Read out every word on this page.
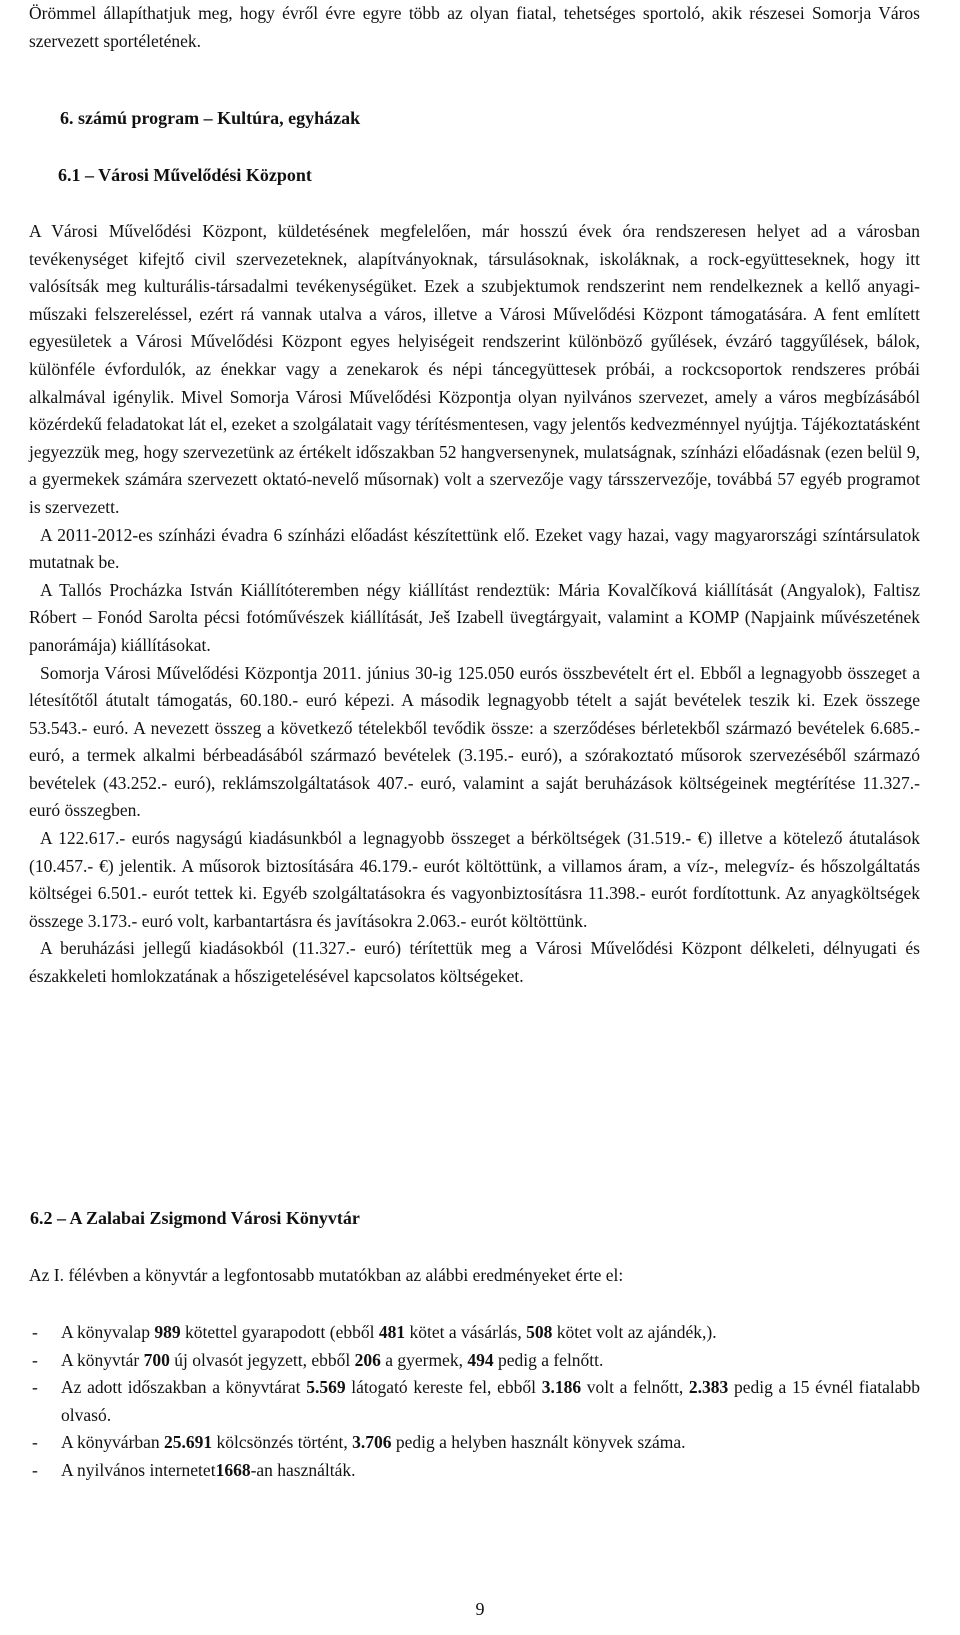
Örömmel állapíthatjuk meg, hogy évről évre egyre több az olyan fiatal, tehetséges sportoló, akik részesei Somorja Város szervezett sportéletének.

6. számú program – Kultúra, egyházak
6.1 – Városi Művelődési Központ

A Városi Művelődési Központ, küldetésének megfelelően, már hosszú évek óra rendszeresen helyet ad a városban tevékenységet kifejtő civil szervezeteknek, alapítványoknak, társulásoknak, iskoláknak, a rock-együtteseknek, hogy itt valósítsák meg kulturális-társadalmi tevékenységüket. Ezek a szubjektumok rendszerint nem rendelkeznek a kellő anyagi-műszaki felszereléssel, ezért rá vannak utalva a város, illetve a Városi Művelődési Központ támogatására. A fent említett egyesületek a Városi Művelődési Központ egyes helyiségeit rendszerint különböző gyűlések, évzáró taggyűlések, bálok, különféle évfordulók, az énekkar vagy a zenekarok és népi táncegyüttesek próbái, a rockcsoportok rendszeres próbái alkalmával igénylik. Mivel Somorja Városi Művelődési Központja olyan nyilvános szervezet, amely a város megbízásából közérdekű feladatokat lát el, ezeket a szolgálatait vagy térítésmentesen, vagy jelentős kedvezménnyel nyújtja. Tájékoztatásként jegyezzük meg, hogy szervezetünk az értékelt időszakban 52 hangversenynek, mulatságnak, színházi előadásnak (ezen belül 9, a gyermekek számára szervezett oktató-nevelő műsornak) volt a szervezője vagy társszervezője, továbbá 57 egyéb programot is szervezett.

A 2011-2012-es színházi évadra 6 színházi előadást készítettünk elő. Ezeket vagy hazai, vagy magyarországi színtársulatok mutatnak be.

A Tallós Procházka István Kiállítóteremben négy kiállítást rendeztük: Mária Kovalčíková kiállítását (Angyalok), Faltisz Róbert – Fonód Sarolta pécsi fotóművészek kiállítását, Ješ Izabell üvegtárgyait, valamint a KOMP (Napjaink művészetének panorámája) kiállításokat.

Somorja Városi Művelődési Központja 2011. június 30-ig 125.050 eurós összbevételt ért el. Ebből a legnagyobb összeget a létesítőtől átutalt támogatás, 60.180.- euró képezi. A második legnagyobb tételt a saját bevételek teszik ki. Ezek összege 53.543.- euró. A nevezett összeg a következő tételekből tevődik össze: a szerződéses bérletekből származó bevételek 6.685.- euró, a termek alkalmi bérbeadásából származó bevételek (3.195.- euró), a szórakoztató műsorok szervezéséből származó bevételek (43.252.- euró), reklámszolgáltatások 407.- euró, valamint a saját beruházások költségeinek megtérítése 11.327.- euró összegben.

A 122.617.- eurós nagyságú kiadásunkból a legnagyobb összeget a bérköltségek (31.519.- €) illetve a kötelező átutalások (10.457.- €) jelentik. A műsorok biztosítására 46.179.- eurót költöttünk, a villamos áram, a víz-, melegvíz- és hőszolgáltatás költségei 6.501.- eurót tettek ki. Egyéb szolgáltatásokra és vagyonbiztosításra 11.398.- eurót fordítottunk. Az anyagköltségek összege 3.173.- euró volt, karbantartásra és javításokra 2.063.- eurót költöttünk.

A beruházási jellegű kiadásokból (11.327.- euró) térítettük meg a Városi Művelődési Központ délkeleti, délnyugati és északkeleti homlokzatának a hőszigetelésével kapcsolatos költségeket.

6.2 – A Zalabai Zsigmond Városi Könyvtár

Az I. félévben a könyvtár a legfontosabb mutatókban az alábbi eredményeket érte el:

- A könyvalap 989 kötettel gyarapodott (ebből 481 kötet a vásárlás, 508 kötet volt az ajándék,).
- A könyvtár 700 új olvasót jegyzett, ebből 206 a gyermek, 494 pedig a felnőtt.
- Az adott időszakban a könyvtárat 5.569 látogató kereste fel, ebből 3.186 volt a felnőtt, 2.383 pedig a 15 évnél fiatalabb olvasó.
- A könyvárban 25.691 kölcsönzés történt, 3.706 pedig a helyben használt könyvek száma.
- A nyilvános internetet1668-an használták.
9
